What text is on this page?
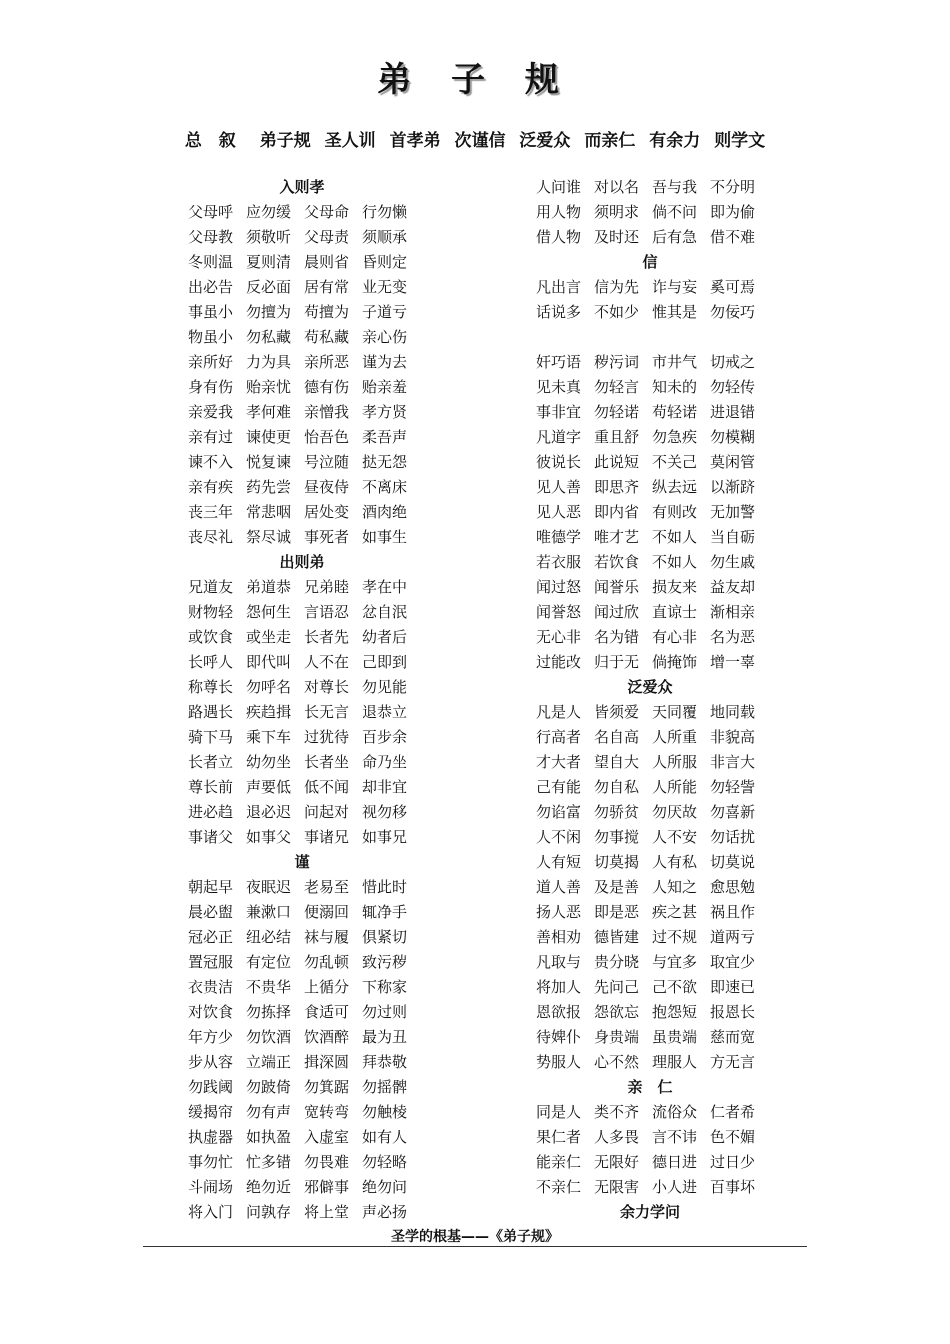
弟 子 规
总　叙 弟子规 圣人训 首孝弟 次谨信 泛爱众 而亲仁 有余力 则学文
入则孝
父母呼 应勿缓 父母命 行勿懒
父母教 须敬听 父母责 须顺承
冬则温 夏则清 晨则省 昏则定
出必告 反必面 居有常 业无变
事虽小 勿擅为 苟擅为 子道亏
物虽小 勿私藏 苟私藏 亲心伤
亲所好 力为具 亲所恶 谨为去
身有伤 贻亲忧 德有伤 贻亲羞
亲爱我 孝何难 亲憎我 孝方贤
亲有过 谏使更 怡吾色 柔吾声
谏不入 悦复谏 号泣随 挞无怨
亲有疾 药先尝 昼夜侍 不离床
丧三年 常悲咽 居处变 酒肉绝
丧尽礼 祭尽诚 事死者 如事生
出则弟
兄道友 弟道恭 兄弟睦 孝在中
财物轻 怨何生 言语忍 忿自泯
或饮食 或坐走 长者先 幼者后
长呼人 即代叫 人不在 己即到
称尊长 勿呼名 对尊长 勿见能
路遇长 疾趋揖 长无言 退恭立
骑下马 乘下车 过犹待 百步余
长者立 幼勿坐 长者坐 命乃坐
尊长前 声要低 低不闻 却非宜
进必趋 退必迟 问起对 视勿移
事诸父 如事父 事诸兄 如事兄
谨
朝起早 夜眠迟 老易至 惜此时
晨必盥 兼漱口 便溺回 辄净手
冠必正 纽必结 袜与履 俱紧切
置冠服 有定位 勿乱顿 致污秽
衣贵洁 不贵华 上循分 下称家
对饮食 勿拣择 食适可 勿过则
年方少 勿饮酒 饮酒醉 最为丑
步从容 立端正 揖深圆 拜恭敬
勿践阈 勿跛倚 勿箕踞 勿摇髀
缓揭帘 勿有声 宽转弯 勿触棱
执虚器 如执盈 入虚室 如有人
事勿忙 忙多错 勿畏难 勿轻略
斗闹场 绝勿近 邪僻事 绝勿问
将入门 问孰存 将上堂 声必扬
人问谁 对以名 吾与我 不分明
用人物 须明求 倘不问 即为偷
借人物 及时还 后有急 借不难
信
凡出言 信为先 诈与妄 奚可焉
话说多 不如少 惟其是 勿佞巧
奸巧语 秽污词 市井气 切戒之
见未真 勿轻言 知未的 勿轻传
事非宜 勿轻诺 苟轻诺 进退错
凡道字 重且舒 勿急疾 勿模糊
彼说长 此说短 不关己 莫闲管
见人善 即思齐 纵去远 以渐跻
见人恶 即内省 有则改 无加警
唯德学 唯才艺 不如人 当自砺
若衣服 若饮食 不如人 勿生戚
闻过怒 闻誉乐 损友来 益友却
闻誉怒 闻过欣 直谅士 渐相亲
无心非 名为错 有心非 名为恶
过能改 归于无 倘掩饰 增一辜
泛爱众
凡是人 皆须爱 天同覆 地同载
行高者 名自高 人所重 非貌高
才大者 望自大 人所服 非言大
己有能 勿自私 人所能 勿轻訾
勿谄富 勿骄贫 勿厌故 勿喜新
人不闲 勿事搅 人不安 勿话扰
人有短 切莫揭 人有私 切莫说
道人善 及是善 人知之 愈思勉
扬人恶 即是恶 疾之甚 祸且作
善相劝 德皆建 过不规 道两亏
凡取与 贵分晓 与宜多 取宜少
将加人 先问己 己不欲 即速已
恩欲报 怨欲忘 抱怨短 报恩长
待婢仆 身贵端 虽贵端 慈而宽
势服人 心不然 理服人 方无言
亲　仁
同是人 类不齐 流俗众 仁者希
果仁者 人多畏 言不讳 色不媚
能亲仁 无限好 德日进 过日少
不亲仁 无限害 小人进 百事坏
余力学问
圣学的根基——《弟子规》
